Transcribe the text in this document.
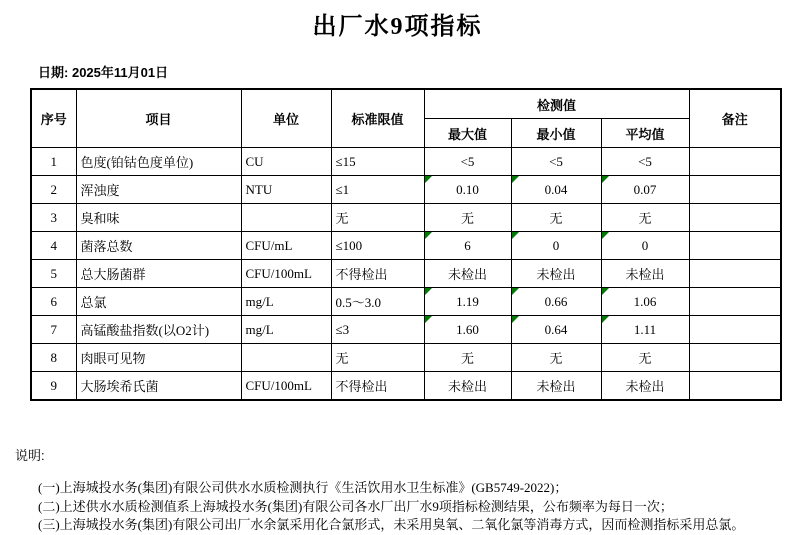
出厂水9项指标
日期: 2025年11月01日
序号	项目	单位	标准限值	检测值			备注
				最大值	最小值	平均值	
1	色度(铂钴色度单位)	CU	≤15	<5	<5	<5	
2	浑浊度	NTU	≤1	0.10	0.04	0.07	
3	臭和味		无	无	无	无	
4	菌落总数	CFU/mL	≤100	6	0	0	
5	总大肠菌群	CFU/100mL	不得检出	未检出	未检出	未检出	
6	总氯	mg/L	0.5～3.0	1.19	0.66	1.06	
7	高锰酸盐指数(以O2计)	mg/L	≤3	1.60	0.64	1.11	
8	肉眼可见物		无	无	无	无	
9	大肠埃希氏菌	CFU/100mL	不得检出	未检出	未检出	未检出	
说明:
(一)上海城投水务(集团)有限公司供水水质检测执行《生活饮用水卫生标准》(GB5749-2022)；
(二)上述供水水质检测值系上海城投水务(集团)有限公司各水厂出厂水9项指标检测结果，公布频率为每日一次；
(三)上海城投水务(集团)有限公司出厂水余氯采用化合氯形式，未采用臭氧、二氧化氯等消毒方式，因而检测指标采用总氯。
